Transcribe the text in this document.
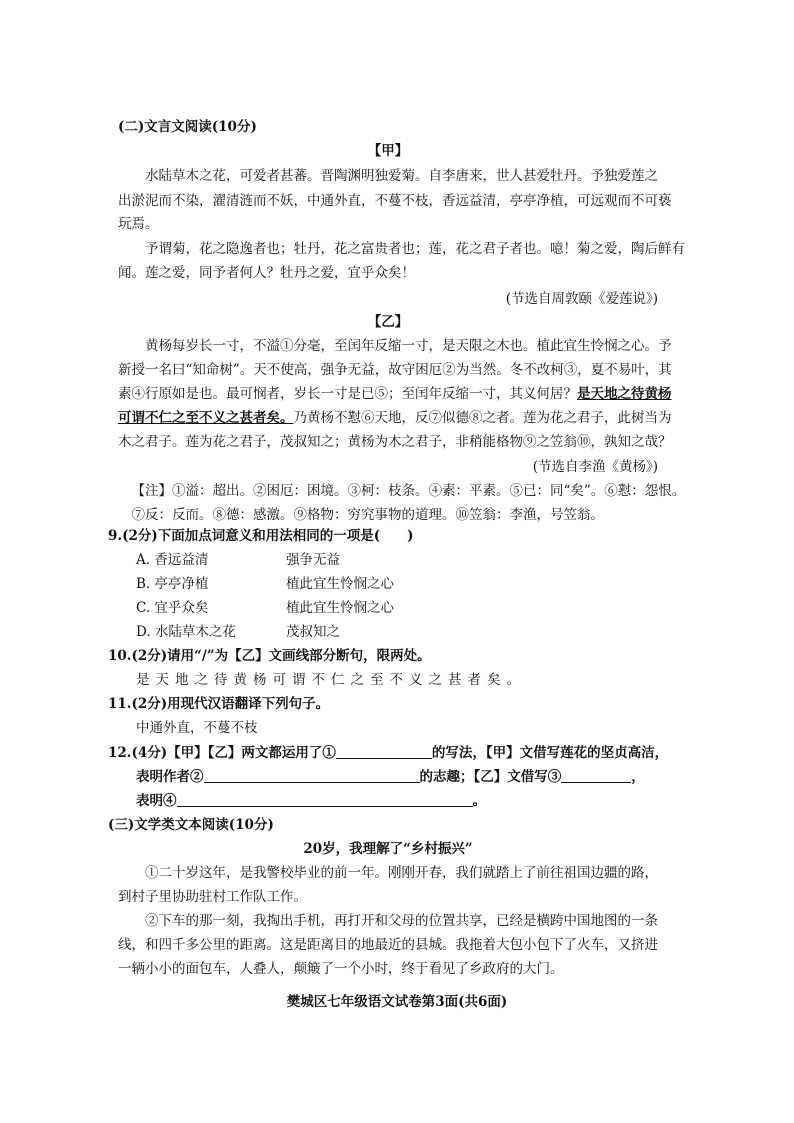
(二)文言文阅读(10分)
【甲】
水陆草木之花，可爱者甚蕃。晋陶渊明独爱菊。自李唐来，世人甚爱牡丹。予独爱莲之
出淤泥而不染，濯清涟而不妖，中通外直，不蔓不枝，香远益清，亭亭净植，可远观而不可亵
玩焉。
予谓菊，花之隐逸者也；牡丹，花之富贵者也；莲，花之君子者也。噫！菊之爱，陶后鲜有
闻。莲之爱，同予者何人？牡丹之爱，宜乎众矣！
(节选自周敦颐《爱莲说》)
【乙】
黄杨每岁长一寸，不溢①分毫，至闰年反缩一寸，是天限之木也。植此宜生怜悯之心。予
新授一名曰“知命树”。天不使高，强争无益，故守困厄②为当然。冬不改柯③，夏不易叶，其
素④行原如是也。最可悯者，岁长一寸是已⑤；至闰年反缩一寸，其义何居？是天地之待黄杨
可谓不仁之至不义之甚者矣。乃黄杨不懟⑥天地，反⑦似德⑧之者。莲为花之君子，此树当为
木之君子。莲为花之君子，茂叔知之；黄杨为木之君子，非稍能格物⑨之笠翁⑩，孰知之哉？
(节选自李渔《黄杨》)
【注】①溢：超出。②困厄：困境。③柯：枝条。④素：平素。⑤已：同“矣”。⑥懟：怨恨。
⑦反：反而。⑧德：感激。⑨格物：穷究事物的道理。⑩笠翁：李渔，号笠翁。
9.(2分)下面加点词意义和用法相同的一项是(　　)
A. 香远益清	强争无益
B. 亭亭净植	植此宜生怜悯之心
C. 宜乎众矣	植此宜生怜悯之心
D. 水陆草木之花	茂叔知之
10.(2分)请用“/”为【乙】文画线部分断句，限两处。
是天地之待黄杨可谓不仁之至不义之甚者矣。
11.(2分)用现代汉语翻译下列句子。
中通外直，不蔓不枝
12.(4分)【甲】【乙】两文都运用了①	的写法，【甲】文借写莲花的坚贞高洁，
表明作者②	的志趣；【乙】文借写③	，
表明④	。
(三)文学类文本阅读(10分)
20岁，我理解了“乡村振兴”
①二十岁这年，是我警校毕业的前一年。刚刚开春，我们就踏上了前往祖国边疆的路，
到村子里协助驻村工作队工作。
②下车的那一刻，我掏出手机，再打开和父母的位置共享，已经是横跨中国地图的一条
线，和四千多公里的距离。这是距离目的地最近的县城。我拖着大包小包下了火车，又挤进
一辆小小的面包车，人叠人，颠簸了一个小时，终于看见了乡政府的大门。
樊城区七年级语文试卷第3面(共6面)
